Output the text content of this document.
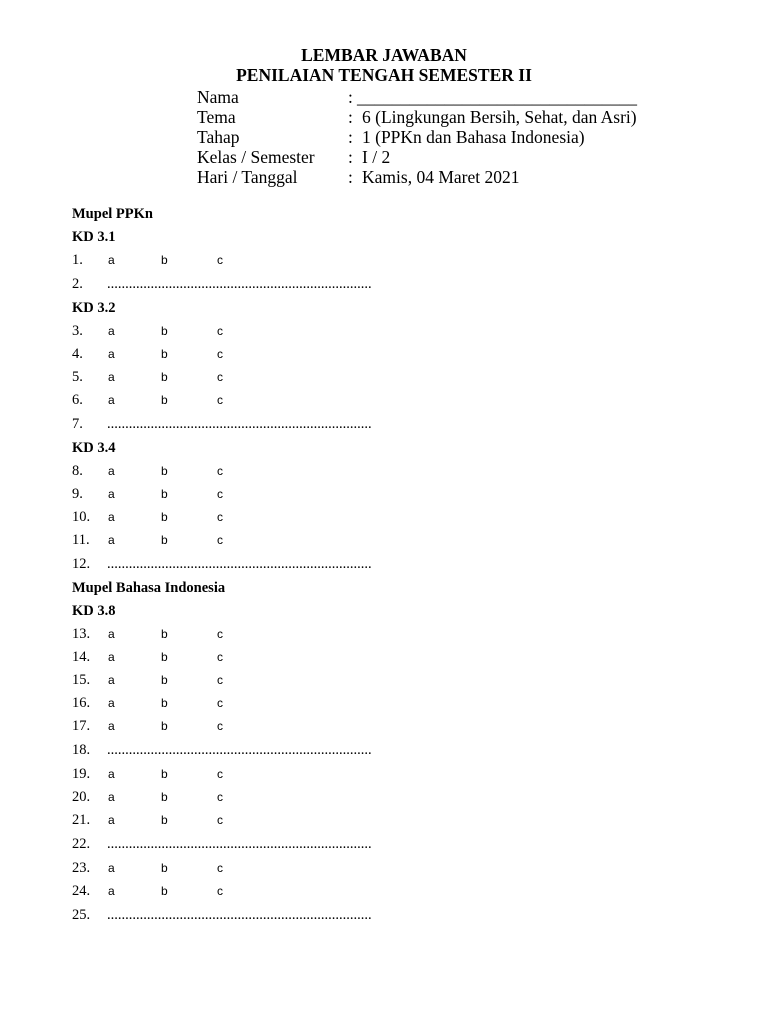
LEMBAR JAWABAN
PENILAIAN TENGAH SEMESTER II
Nama	: ________________________________
Tema	: 6 (Lingkungan Bersih, Sehat, dan Asri)
Tahap	: 1 (PPKn dan Bahasa Indonesia)
Kelas / Semester : I / 2
Hari / Tanggal	: Kamis, 04 Maret 2021
Mupel PPKn
KD 3.1
1. a	b	c
2. .........................................................................
KD 3.2
3. a	b	c
4. a	b	c
5. a	b	c
6. a	b	c
7. .........................................................................
KD 3.4
8. a	b	c
9. a	b	c
10. a	b	c
11. a	b	c
12. .........................................................................
Mupel Bahasa Indonesia
KD 3.8
13. a	b	c
14. a	b	c
15. a	b	c
16. a	b	c
17. a	b	c
18. .........................................................................
19. a	b	c
20. a	b	c
21. a	b	c
22. .........................................................................
23. a	b	c
24. a	b	c
25. .........................................................................
